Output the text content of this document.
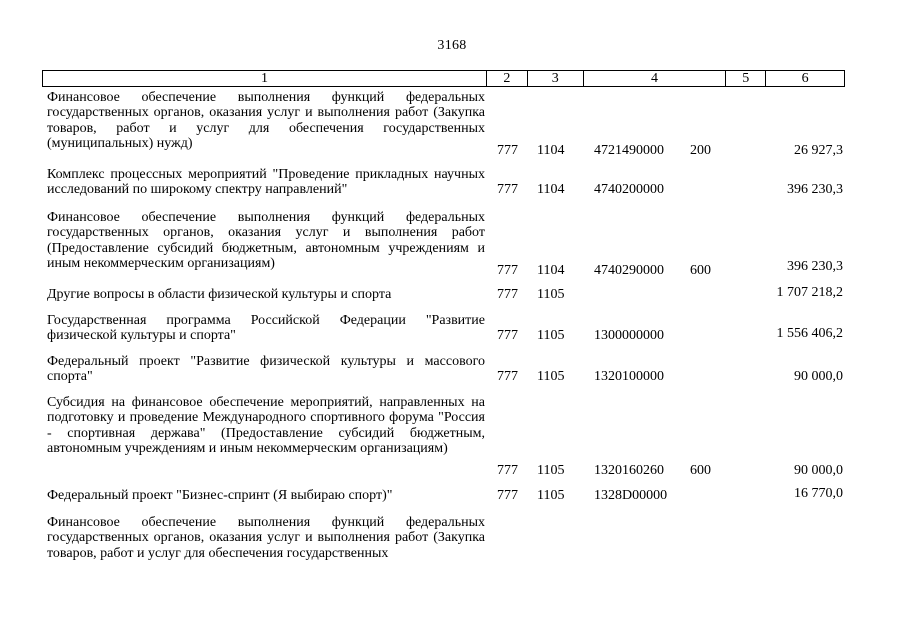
3168
1	2	3	4	5	6
Финансовое обеспечение выполнения функций федеральных государственных органов, оказания услуг и выполнения работ (Закупка товаров, работ и услуг для обеспечения государственных (муниципальных) нужд)	777 1104 4721490000 200	26 927,3
Комплекс процессных мероприятий "Проведение прикладных научных исследований по широкому спектру направлений"	777 1104 4740200000	396 230,3
Финансовое обеспечение выполнения функций федеральных государственных органов, оказания услуг и выполнения работ (Предоставление субсидий бюджетным, автономным учреждениям и иным некоммерческим организациям)	777 1104 4740290000 600	396 230,3
Другие вопросы в области физической культуры и спорта	777 1105	1 707 218,2
Государственная программа Российской Федерации "Развитие физической культуры и спорта"	777 1105 1300000000	1 556 406,2
Федеральный проект "Развитие физической культуры и массового спорта"	777 1105 1320100000	90 000,0
Субсидия на финансовое обеспечение мероприятий, направленных на подготовку и проведение Международного спортивного форума "Россия - спортивная держава" (Предоставление субсидий бюджетным, автономным учреждениям и иным некоммерческим организациям)
777 1105 1320160260 600	90 000,0
Федеральный проект "Бизнес-спринт (Я выбираю спорт)"	777 1105 1328D00000	16 770,0
Финансовое обеспечение выполнения функций федеральных государственных органов, оказания услуг и выполнения работ (Закупка товаров, работ и услуг для обеспечения государственных
